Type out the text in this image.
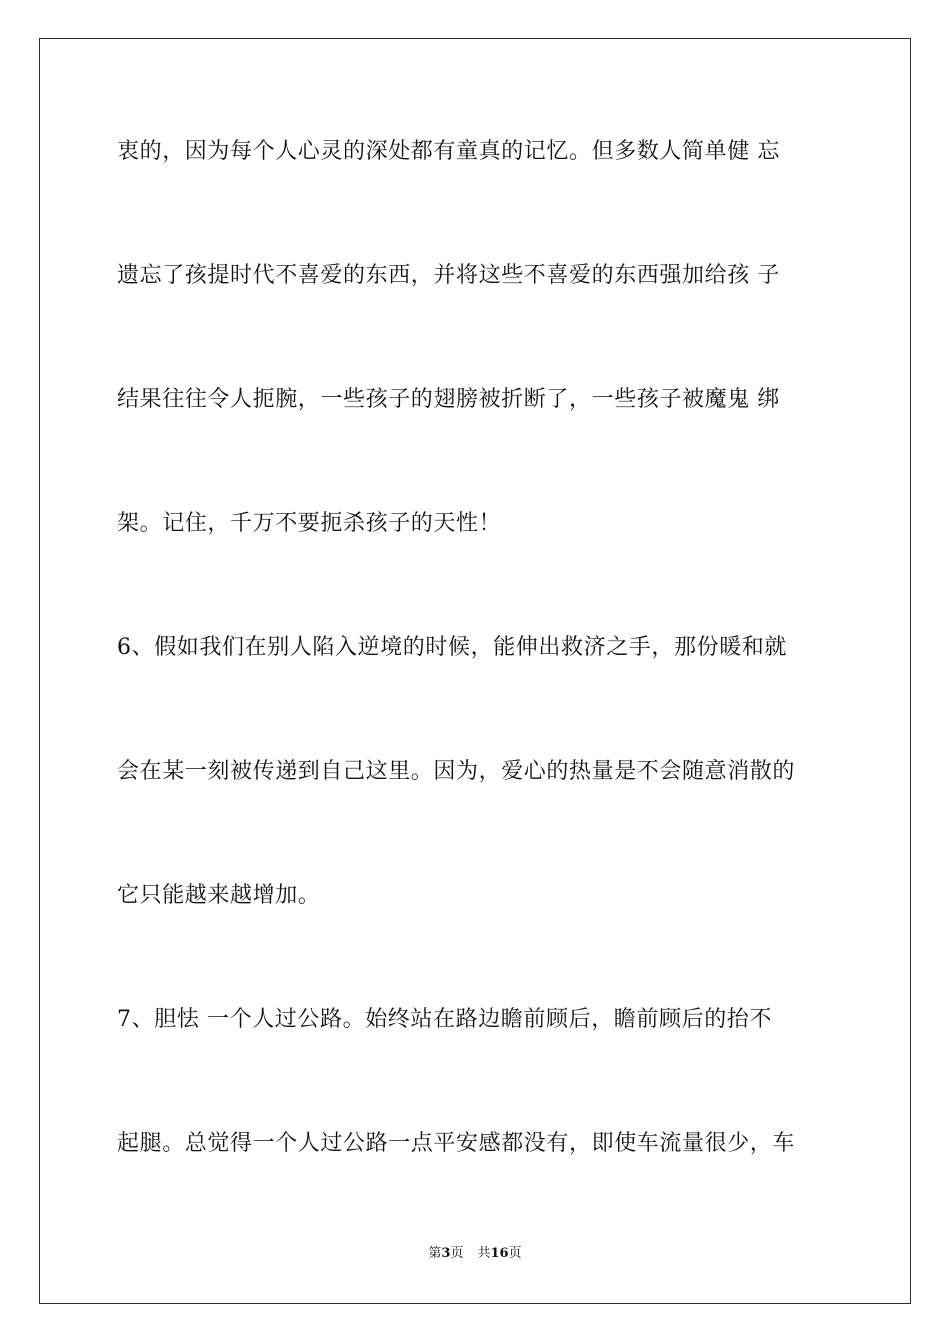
衷的，因为每个人心灵的深处都有童真的记忆。但多数人简单健 忘
遗忘了孩提时代不喜爱的东西，并将这些不喜爱的东西强加给孩 子
结果往往令人扼腕，一些孩子的翅膀被折断了，一些孩子被魔鬼 绑
架。记住，千万不要扼杀孩子的天性！
6、假如我们在别人陷入逆境的时候，能伸出救济之手，那份暖和就
会在某一刻被传递到自己这里。因为，爱心的热量是不会随意消散的
它只能越来越增加。
7、胆怯 一个人过公路。始终站在路边瞻前顾后，瞻前顾后的抬不
起腿。总觉得一个人过公路一点平安感都没有，即使车流量很少，车
第3页 共16页
